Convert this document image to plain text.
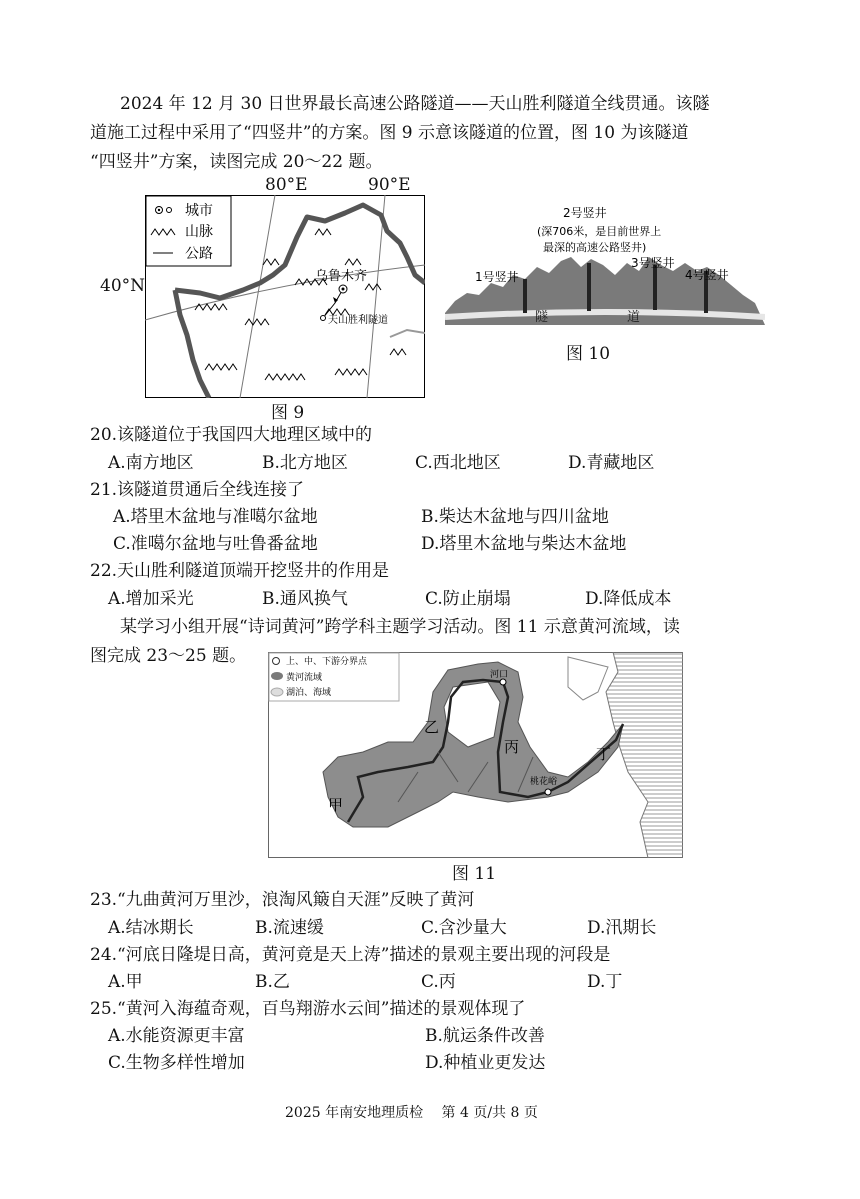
2024 年 12 月 30 日世界最长高速公路隧道——天山胜利隧道全线贯通。该隧
道施工过程中采用了“四竖井”的方案。图 9 示意该隧道的位置，图 10 为该隧道
“四竖井”方案，读图完成 20～22 题。
80°E	90°E
40°N
城市
山脉
公路
乌鲁木齐
天山胜利隧道
图 9
2号竖井
(深706米，是目前世界上
最深的高速公路竖井)
1号竖井
3号竖井
4号竖井
隧	道
图 10
20.该隧道位于我国四大地理区域中的
A.南方地区	B.北方地区	C.西北地区	D.青藏地区
21.该隧道贯通后全线连接了
A.塔里木盆地与准噶尔盆地	B.柴达木盆地与四川盆地
C.准噶尔盆地与吐鲁番盆地	D.塔里木盆地与柴达木盆地
22.天山胜利隧道顶端开挖竖井的作用是
A.增加采光	B.通风换气	C.防止崩塌	D.降低成本
某学习小组开展“诗词黄河”跨学科主题学习活动。图 11 示意黄河流域，读
图完成 23～25 题。	上、中、下游分界点
黄河流域
湖泊、海域
河口
桃花峪
甲
乙
丙	丁
图 11
23.“九曲黄河万里沙，浪淘风簸自天涯”反映了黄河
A.结冰期长	B.流速缓	C.含沙量大	D.汛期长
24.“河底日隆堤日高，黄河竟是天上涛”描述的景观主要出现的河段是
A.甲	B.乙	C.丙	D.丁
25.“黄河入海蕴奇观，百鸟翔游水云间”描述的景观体现了
A.水能资源更丰富	B.航运条件改善
C.生物多样性增加	D.种植业更发达
2025 年南安地理质检　 第 4 页/共 8 页
